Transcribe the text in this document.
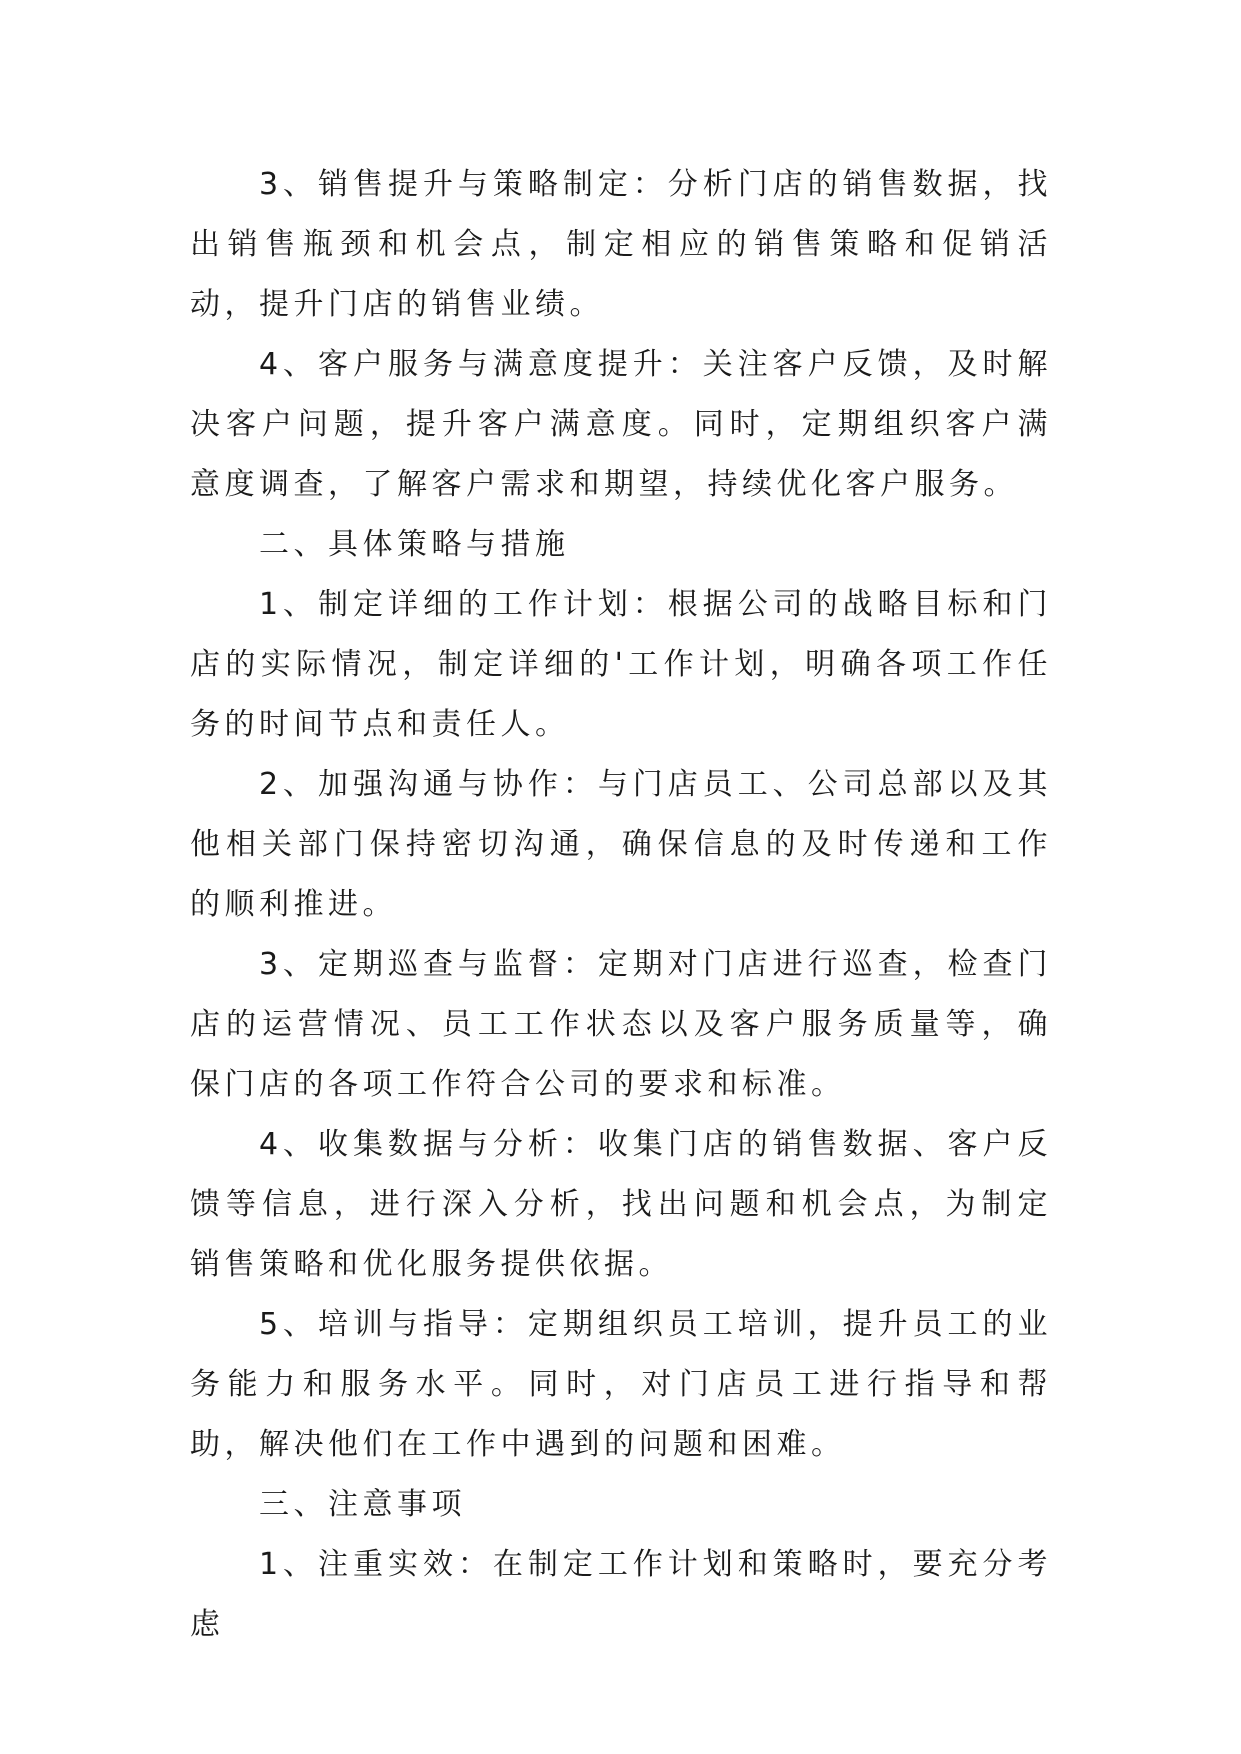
3、销售提升与策略制定：分析门店的销售数据，找出销售瓶颈和机会点，制定相应的销售策略和促销活动，提升门店的销售业绩。

4、客户服务与满意度提升：关注客户反馈，及时解决客户问题，提升客户满意度。同时，定期组织客户满意度调查，了解客户需求和期望，持续优化客户服务。

二、具体策略与措施

1、制定详细的工作计划：根据公司的战略目标和门店的实际情况，制定详细的'工作计划，明确各项工作任务的时间节点和责任人。

2、加强沟通与协作：与门店员工、公司总部以及其他相关部门保持密切沟通，确保信息的及时传递和工作的顺利推进。

3、定期巡查与监督：定期对门店进行巡查，检查门店的运营情况、员工工作状态以及客户服务质量等，确保门店的各项工作符合公司的要求和标准。

4、收集数据与分析：收集门店的销售数据、客户反馈等信息，进行深入分析，找出问题和机会点，为制定销售策略和优化服务提供依据。

5、培训与指导：定期组织员工培训，提升员工的业务能力和服务水平。同时，对门店员工进行指导和帮助，解决他们在工作中遇到的问题和困难。

三、注意事项

1、注重实效：在制定工作计划和策略时，要充分考虑
